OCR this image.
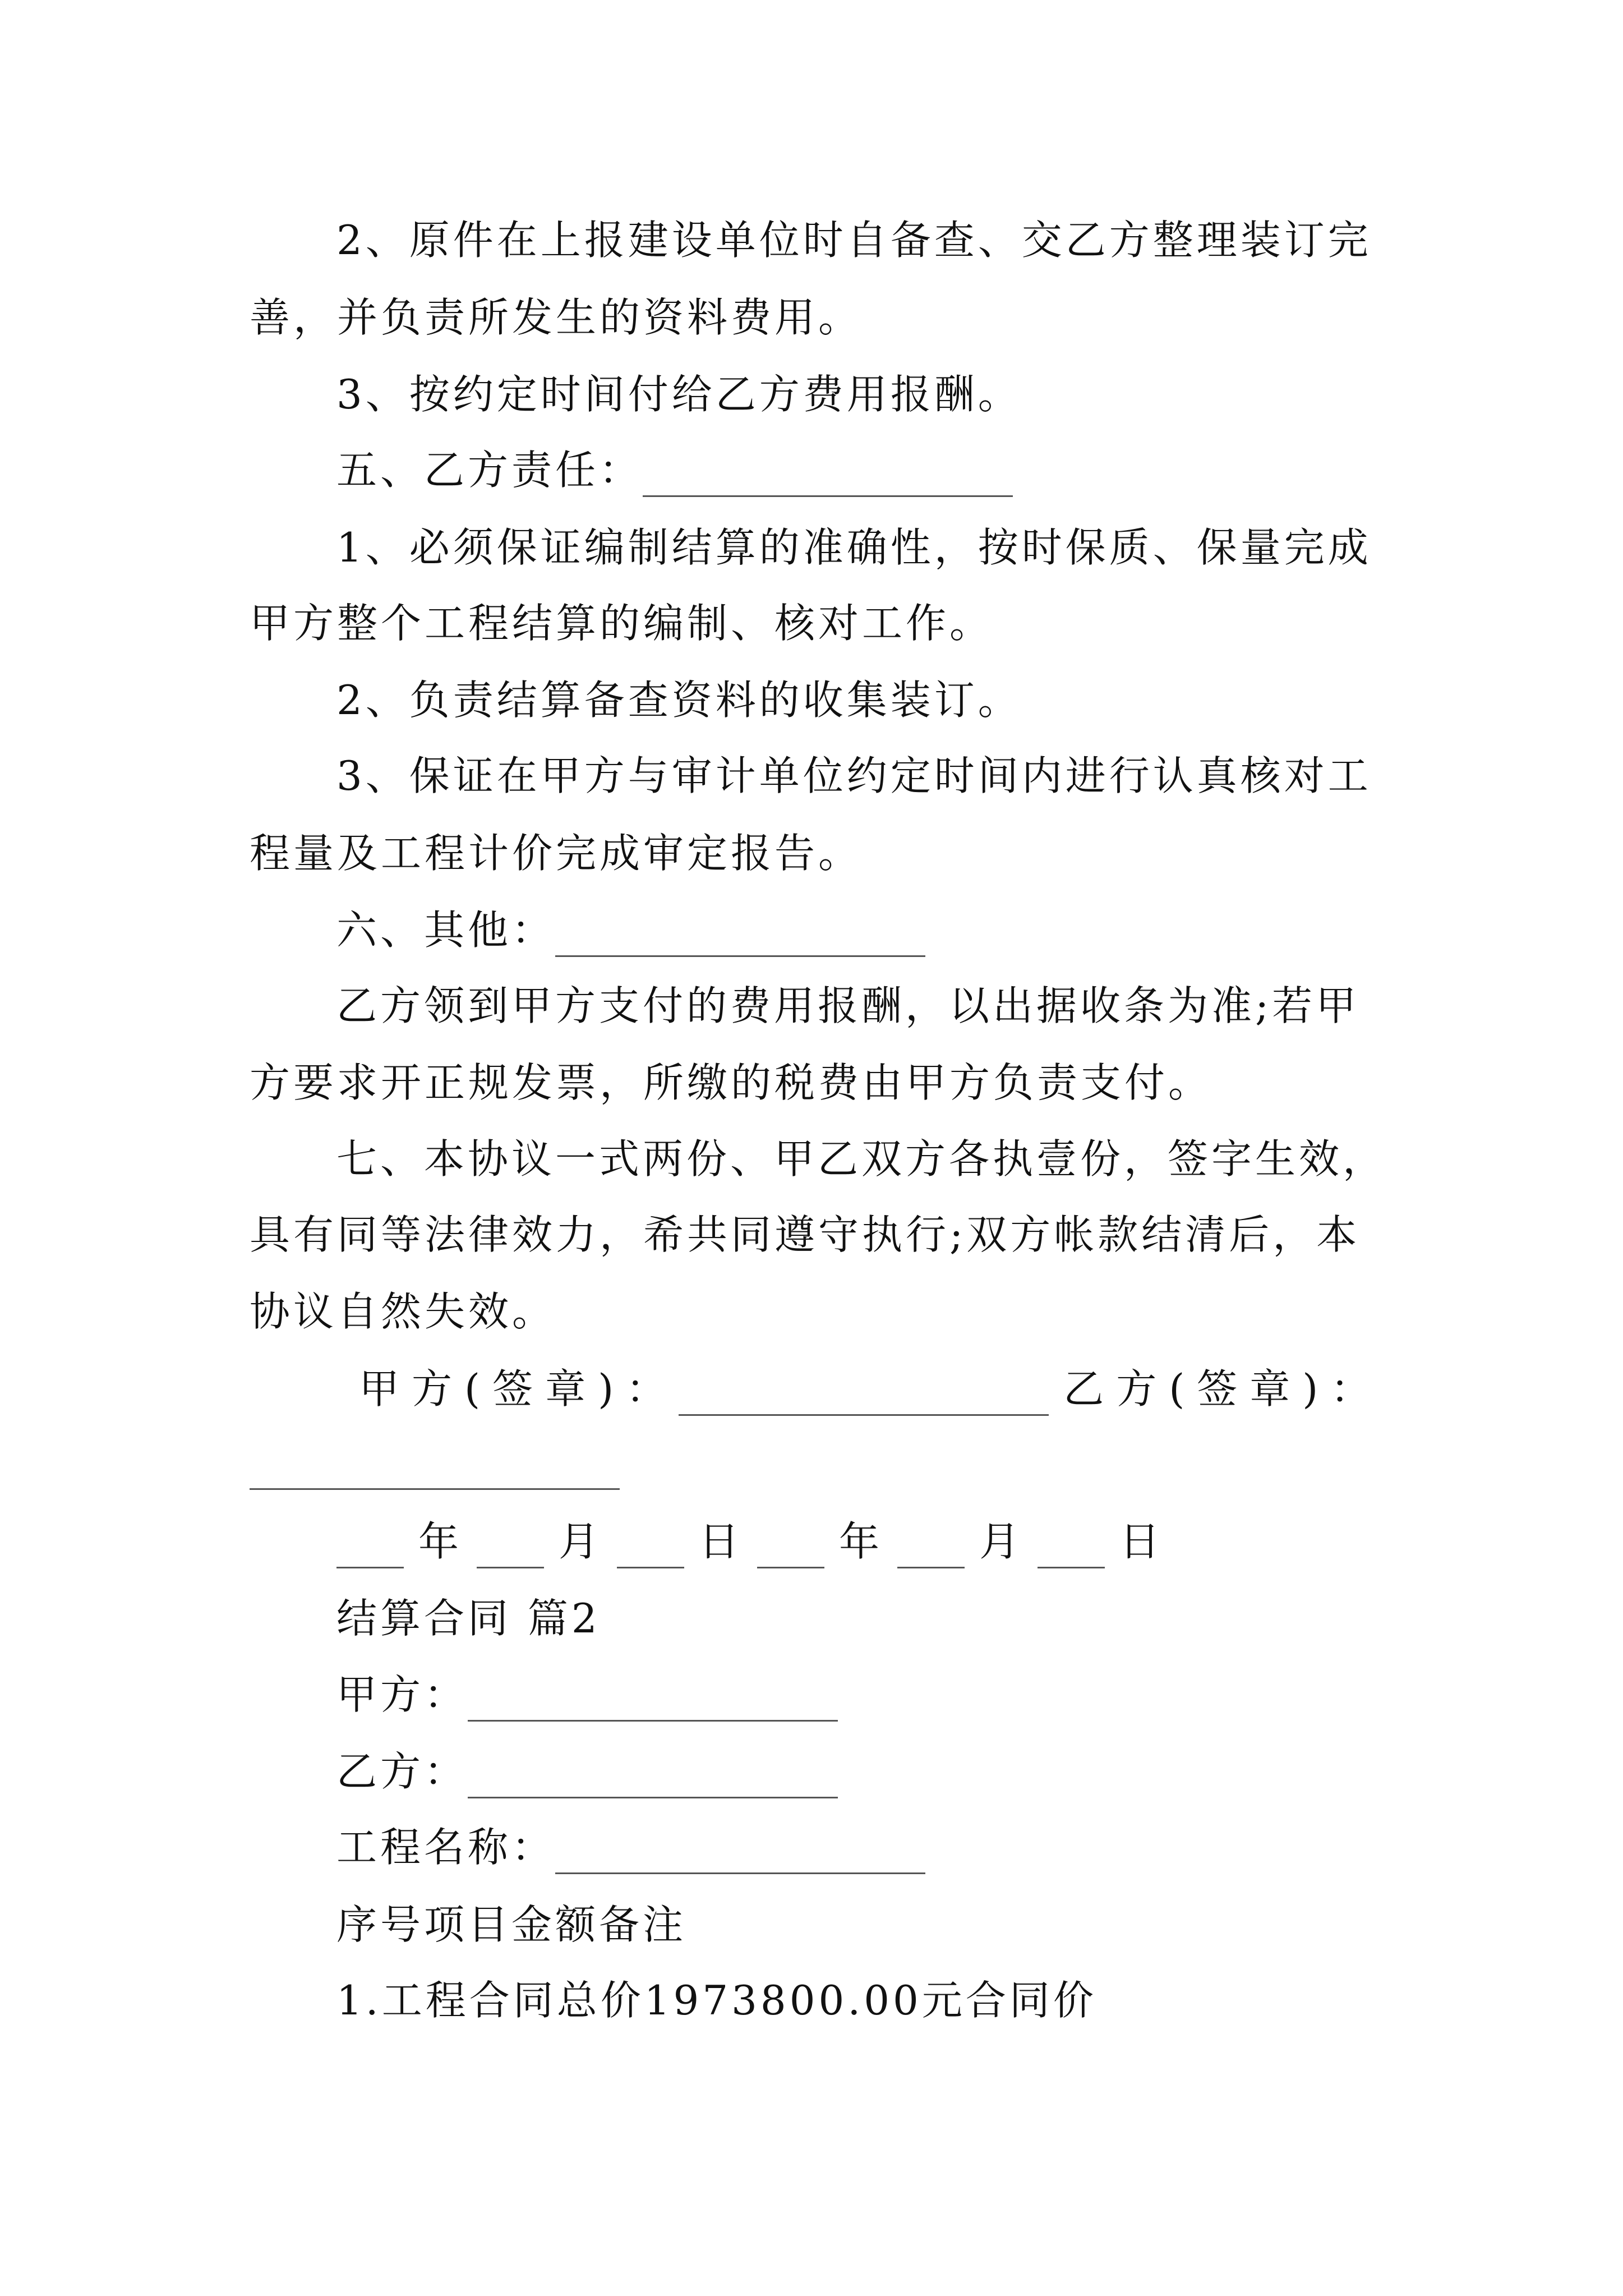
2、原件在上报建设单位时自备查、交乙方整理装订完
善，并负责所发生的资料费用。
3、按约定时间付给乙方费用报酬。
五、乙方责任：
1、必须保证编制结算的准确性，按时保质、保量完成
甲方整个工程结算的编制、核对工作。
2、负责结算备查资料的收集装订。
3、保证在甲方与审计单位约定时间内进行认真核对工
程量及工程计价完成审定报告。
六、其他：
乙方领到甲方支付的费用报酬，以出据收条为准;若甲
方要求开正规发票，所缴的税费由甲方负责支付。
七、本协议一式两份、甲乙双方各执壹份，签字生效，
具有同等法律效力，希共同遵守执行;双方帐款结清后，本
协议自然失效。
甲方(签章)：	乙方(签章)：
年 月 日 年 月 日
结算合同 篇2
甲方：
乙方：
工程名称：
序号项目金额备注
1.工程合同总价1973800.00元合同价
